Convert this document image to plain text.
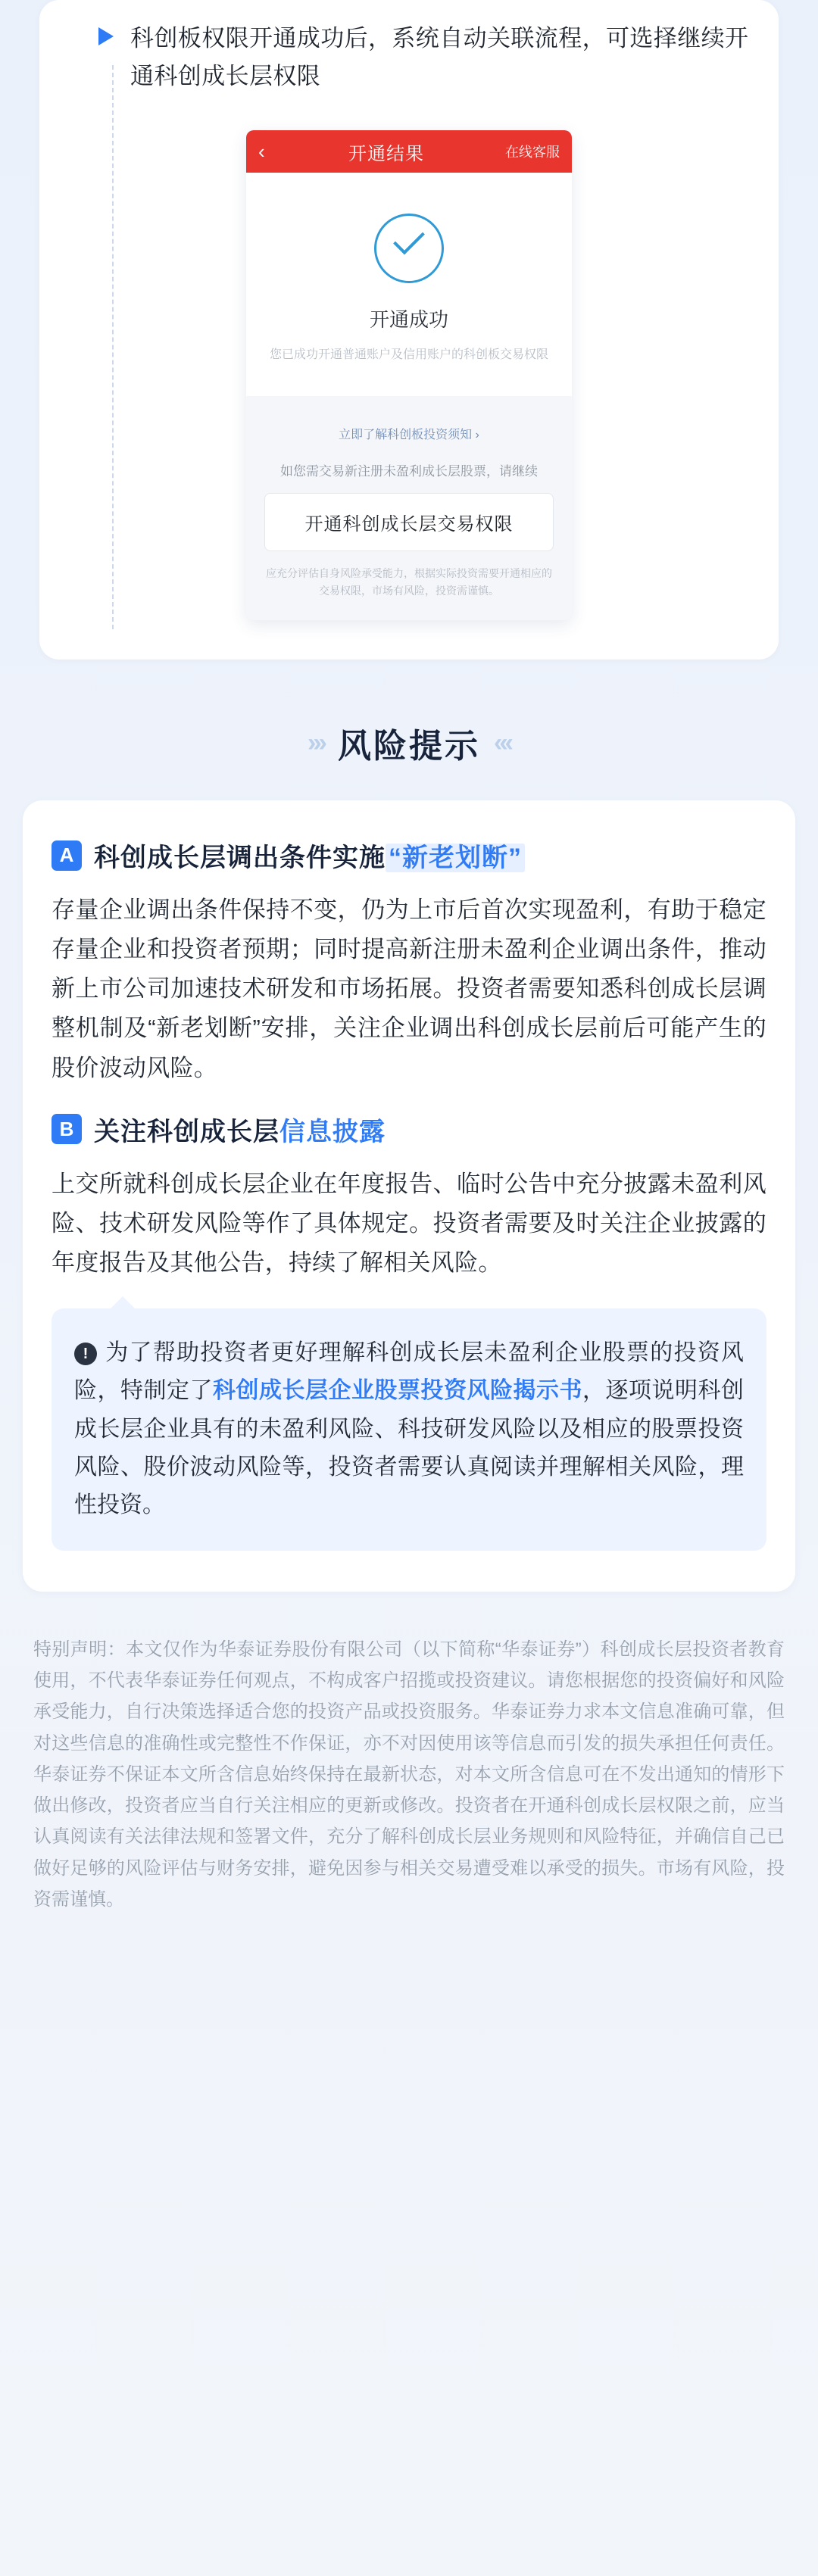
科创板权限开通成功后，系统自动关联流程，可选择继续开通科创成长层权限
‹	开通结果	在线客服
开通成功
您已成功开通普通账户及信用账户的科创板交易权限
立即了解科创板投资须知 ›
如您需交易新注册未盈利成长层股票，请继续
开通科创成长层交易权限
应充分评估自身风险承受能力，根据实际投资需要开通相应的交易权限，市场有风险，投资需谨慎。
››› 风险提示 ‹‹‹
A 科创成长层调出条件实施 “新老划断”
存量企业调出条件保持不变，仍为上市后首次实现盈利，有助于稳定存量企业和投资者预期；同时提高新注册未盈利企业调出条件，推动新上市公司加速技术研发和市场拓展。投资者需要知悉科创成长层调整机制及“新老划断”安排，关注企业调出科创成长层前后可能产生的股价波动风险。
B 关注科创成长层信息披露
上交所就科创成长层企业在年度报告、临时公告中充分披露未盈利风险、技术研发风险等作了具体规定。投资者需要及时关注企业披露的年度报告及其他公告，持续了解相关风险。
! 为了帮助投资者更好理解科创成长层未盈利企业股票的投资风险，特制定了科创成长层企业股票投资风险揭示书，逐项说明科创成长层企业具有的未盈利风险、科技研发风险以及相应的股票投资风险、股价波动风险等，投资者需要认真阅读并理解相关风险，理性投资。
特别声明：本文仅作为华泰证券股份有限公司（以下简称“华泰证券”）科创成长层投资者教育使用，不代表华泰证券任何观点，不构成客户招揽或投资建议。请您根据您的投资偏好和风险承受能力，自行决策选择适合您的投资产品或投资服务。华泰证券力求本文信息准确可靠，但对这些信息的准确性或完整性不作保证，亦不对因使用该等信息而引发的损失承担任何责任。华泰证券不保证本文所含信息始终保持在最新状态，对本文所含信息可在不发出通知的情形下做出修改，投资者应当自行关注相应的更新或修改。投资者在开通科创成长层权限之前，应当认真阅读有关法律法规和签署文件，充分了解科创成长层业务规则和风险特征，并确信自己已做好足够的风险评估与财务安排，避免因参与相关交易遭受难以承受的损失。市场有风险，投资需谨慎。
